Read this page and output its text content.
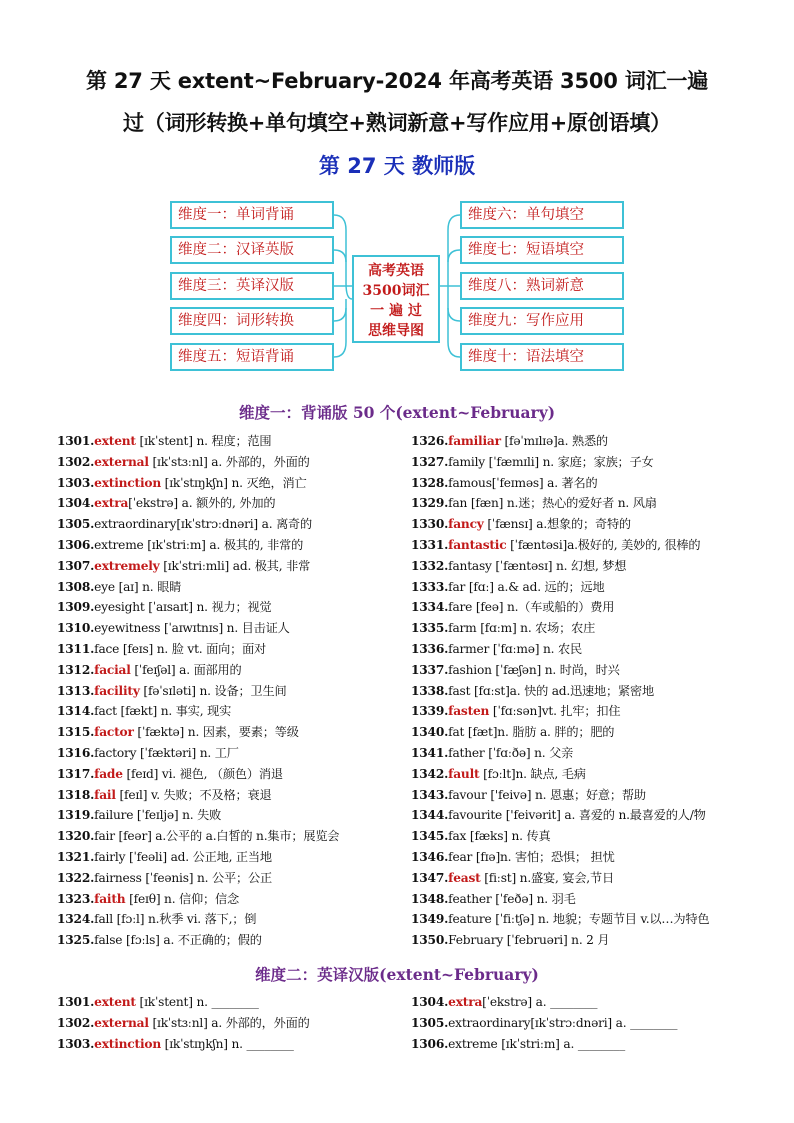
第 27 天 extent~February-2024 年高考英语 3500 词汇一遍
过（词形转换+单句填空+熟词新意+写作应用+原创语填）
第 27 天 教师版
维度一：单词背诵
维度二：汉译英版
维度三：英译汉版
维度四：词形转换
维度五：短语背诵
高考英语
3500词汇
一 遍 过
思维导图
维度六：单句填空
维度七：短语填空
维度八：熟词新意
维度九：写作应用
维度十：语法填空
维度一：背诵版 50 个(extent~February)
维度二：英译汉版(extent~February)
1301.extent [ɪkˈstent] n. 程度；范围
1302.external [ɪkˈstɜːnl] a. 外部的，外面的
1303.extinction [ɪkˈstɪŋkʃn] n. 灭绝，消亡
1304.extra[ˈekstrə] a. 额外的, 外加的
1305.extraordinary[ɪkˈstrɔːdnəri] a. 离奇的
1306.extreme [ɪkˈstriːm] a. 极其的, 非常的
1307.extremely [ɪkˈstriːmli] ad. 极其, 非常
1308.eye [aɪ] n. 眼睛
1309.eyesight [ˈaɪsaɪt] n. 视力；视觉
1310.eyewitness [ˈaɪwɪtnɪs] n. 目击证人
1311.face [feɪs] n. 脸 vt. 面向；面对
1312.facial [ˈfeɪʃəl] a. 面部用的
1313.facility [fəˈsɪləti] n. 设备；卫生间
1314.fact [fækt] n. 事实, 现实
1315.factor [ˈfæktə] n. 因素，要素；等级
1316.factory [ˈfæktəri] n. 工厂
1317.fade [feɪd] vi. 褪色, （颜色）消退
1318.fail [feɪl] v. 失败；不及格；衰退
1319.failure [ˈfeɪljə] n. 失败
1320.fair [feər] a.公平的 a.白皙的 n.集市；展览会
1321.fairly [ˈfeəli] ad. 公正地, 正当地
1322.fairness [ˈfeənis] n. 公平；公正
1323.faith [feɪθ] n. 信仰；信念
1324.fall [fɔːl] n.秋季 vi. 落下,；倒
1325.false [fɔːls] a. 不正确的；假的
1326.familiar [fəˈmɪlɪə]a. 熟悉的
1327.family [ˈfæmɪli] n. 家庭；家族；子女
1328.famous[ˈfeɪməs] a. 著名的
1329.fan [fæn] n.迷；热心的爱好者 n. 风扇
1330.fancy [ˈfænsɪ] a.想象的；奇特的
1331.fantastic [ˈfæntəsi]a.极好的, 美妙的, 很棒的
1332.fantasy [ˈfæntəsɪ] n. 幻想, 梦想
1333.far [fɑː] a.& ad. 远的；远地
1334.fare [feə] n.（车或船的）费用
1335.farm [fɑːm] n. 农场；农庄
1336.farmer [ˈfɑːmə] n. 农民
1337.fashion [ˈfæʃən] n. 时尚，时兴
1338.fast [fɑːst]a. 快的 ad.迅速地；紧密地
1339.fasten [ˈfɑːsən]vt. 扎牢；扣住
1340.fat [fæt]n. 脂肪 a. 胖的；肥的
1341.father [ˈfɑːðə] n. 父亲
1342.fault [fɔːlt]n. 缺点, 毛病
1343.favour ['feivə] n. 恩惠；好意；帮助
1344.favourite ['feivərit] a. 喜爱的 n.最喜爱的人/物
1345.fax [fæks] n. 传真
1346.fear [fɪə]n. 害怕；恐惧； 担忧
1347.feast [fiːst] n.盛宴, 宴会,节日
1348.feather [ˈfeðə] n. 羽毛
1349.feature [ˈfiːtʃə] n. 地貌；专题节目 v.以…为特色
1350.February [ˈfebruəri] n. 2 月
1301.extent [ɪkˈstent] n. ________
1302.external [ɪkˈstɜːnl] a. 外部的，外面的
1303.extinction [ɪkˈstɪŋkʃn] n. ________
1304.extra[ˈekstrə] a. ________
1305.extraordinary[ɪkˈstrɔːdnəri] a. ________
1306.extreme [ɪkˈstriːm] a. ________
